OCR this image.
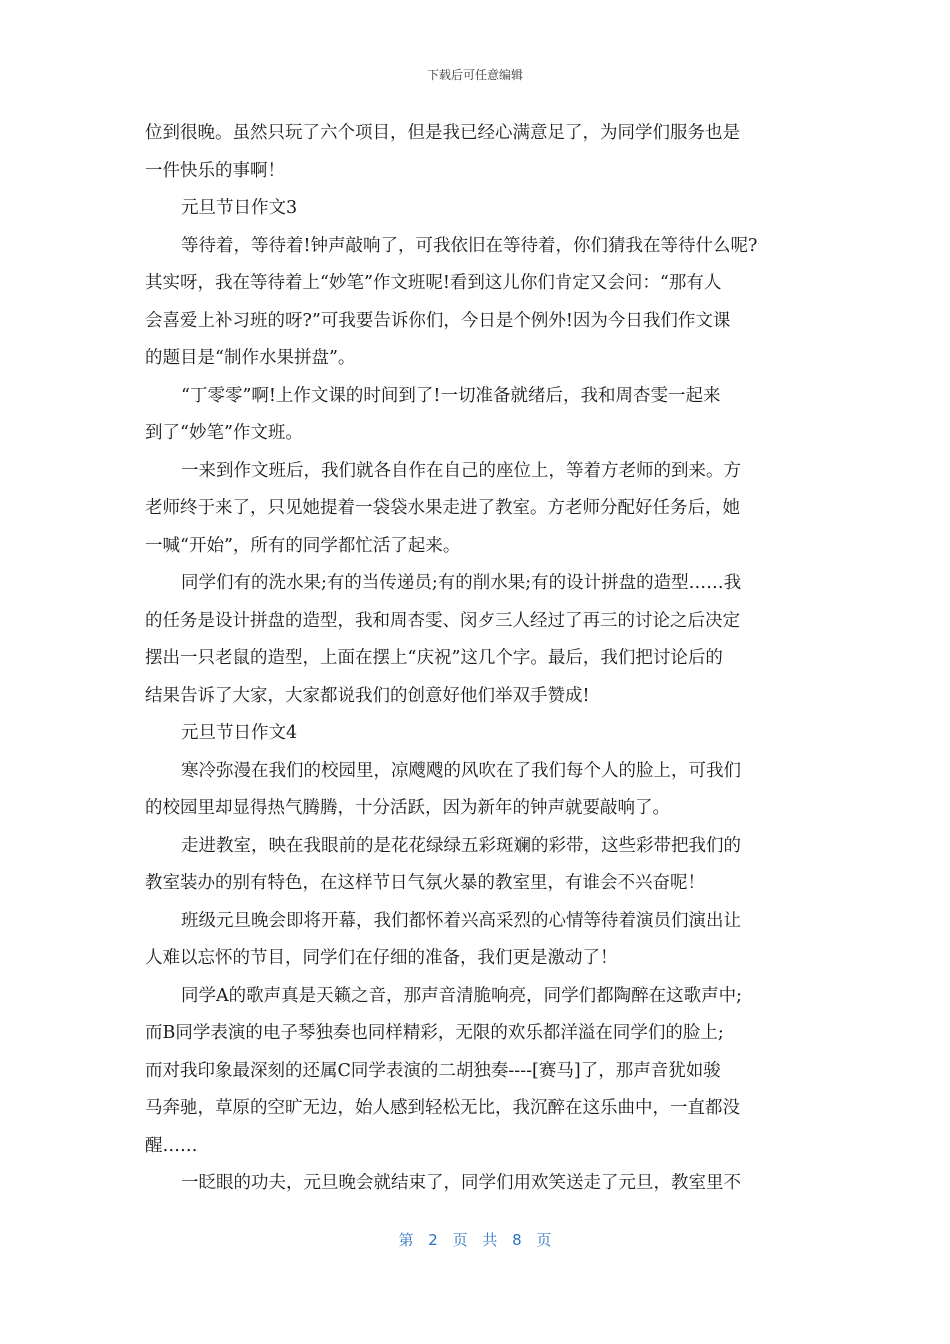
下载后可任意编辑
位到很晚。虽然只玩了六个项目，但是我已经心满意足了，为同学们服务也是
一件快乐的事啊！
元旦节日作文3
等待着，等待着!钟声敲响了，可我依旧在等待着，你们猜我在等待什么呢?
其实呀，我在等待着上“妙笔”作文班呢!看到这儿你们肯定又会问：“那有人
会喜爱上补习班的呀?”可我要告诉你们，今日是个例外!因为今日我们作文课
的题目是“制作水果拼盘”。
“丁零零”啊!上作文课的时间到了!一切准备就绪后，我和周杏雯一起来
到了“妙笔”作文班。
一来到作文班后，我们就各自作在自己的座位上，等着方老师的到来。方
老师终于来了，只见她提着一袋袋水果走进了教室。方老师分配好任务后，她
一喊“开始”，所有的同学都忙活了起来。
同学们有的洗水果;有的当传递员;有的削水果;有的设计拼盘的造型……我
的任务是设计拼盘的造型，我和周杏雯、闵歺三人经过了再三的讨论之后决定
摆出一只老鼠的造型，上面在摆上“庆祝”这几个字。最后，我们把讨论后的
结果告诉了大家，大家都说我们的创意好他们举双手赞成!
元旦节日作文4
寒冷弥漫在我们的校园里，凉飕飕的风吹在了我们每个人的脸上，可我们
的校园里却显得热气腾腾，十分活跃，因为新年的钟声就要敲响了。
走进教室，映在我眼前的是花花绿绿五彩斑斓的彩带，这些彩带把我们的
教室装办的别有特色，在这样节日气氛火暴的教室里，有谁会不兴奋呢！
班级元旦晚会即将开幕，我们都怀着兴高采烈的心情等待着演员们演出让
人难以忘怀的节目，同学们在仔细的准备，我们更是激动了！
同学A的歌声真是天籁之音，那声音清脆响亮，同学们都陶醉在这歌声中;
而B同学表演的电子琴独奏也同样精彩，无限的欢乐都洋溢在同学们的脸上;
而对我印象最深刻的还属C同学表演的二胡独奏----[赛马]了，那声音犹如骏
马奔驰，草原的空旷无边，始人感到轻松无比，我沉醉在这乐曲中，一直都没
醒……
一眨眼的功夫，元旦晚会就结束了，同学们用欢笑送走了元旦，教室里不
第 2 页 共 8 页
